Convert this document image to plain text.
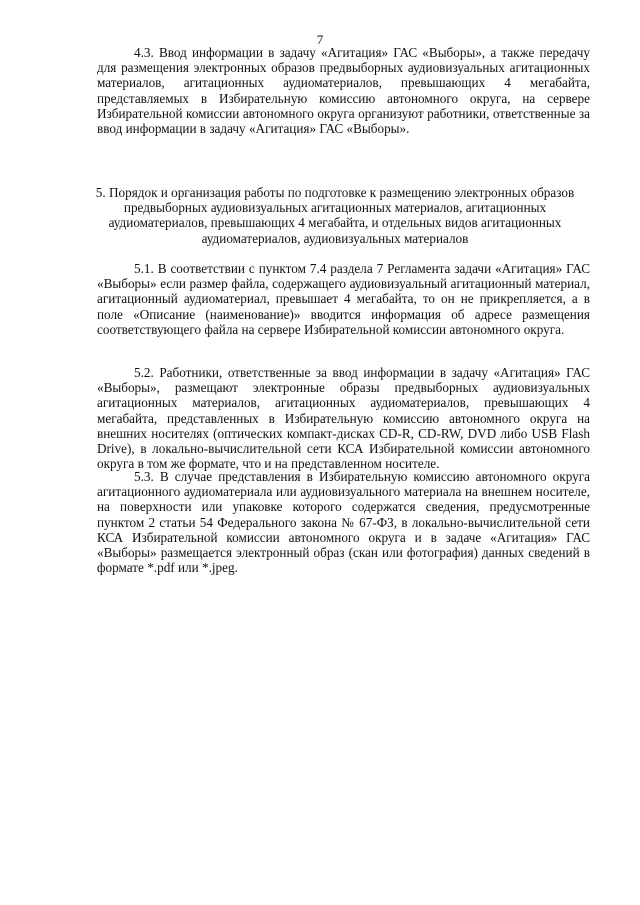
7

4.3. Ввод информации в задачу «Агитация» ГАС «Выборы», а также передачу для размещения электронных образов предвыборных аудиовизуальных агитационных материалов, агитационных аудиоматериалов, превышающих 4 мегабайта, представляемых в Избирательную комиссию автономного округа, на сервере Избирательной комиссии автономного округа организуют работники, ответственные за ввод информации в задачу «Агитация» ГАС «Выборы».

5. Порядок и организация работы по подготовке к размещению электронных образов предвыборных аудиовизуальных агитационных материалов, агитационных аудиоматериалов, превышающих 4 мегабайта, и отдельных видов агитационных аудиоматериалов, аудиовизуальных материалов

5.1. В соответствии с пунктом 7.4 раздела 7 Регламента задачи «Агитация» ГАС «Выборы» если размер файла, содержащего аудиовизуальный агитационный материал, агитационный аудиоматериал, превышает 4 мегабайта, то он не прикрепляется, а в поле «Описание (наименование)» вводится информация об адресе размещения соответствующего файла на сервере Избирательной комиссии автономного округа.

5.2. Работники, ответственные за ввод информации в задачу «Агитация» ГАС «Выборы», размещают электронные образы предвыборных аудиовизуальных агитационных материалов, агитационных аудиоматериалов, превышающих 4 мегабайта, представленных в Избирательную комиссию автономного округа на внешних носителях (оптических компакт-дисках CD-R, CD-RW, DVD либо USB Flash Drive), в локально-вычислительной сети КСА Избирательной комиссии автономного округа в том же формате, что и на представленном носителе.

5.3. В случае представления в Избирательную комиссию автономного округа агитационного аудиоматериала или аудиовизуального материала на внешнем носителе, на поверхности или упаковке которого содержатся сведения, предусмотренные пунктом 2 статьи 54 Федерального закона № 67-ФЗ, в локально-вычислительной сети КСА Избирательной комиссии автономного округа и в задаче «Агитация» ГАС «Выборы» размещается электронный образ (скан или фотография) данных сведений в формате *.pdf или *.jpeg.
